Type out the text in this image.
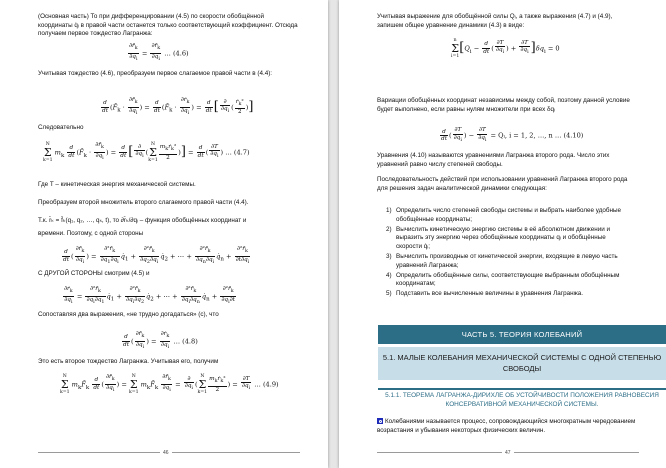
(Основная часть) То при дифференцировании (4.5) по скорости обобщённой координаты q̇ᵢ в правой части останется только соответствующий коэффициент. Отсюда получаем первое тождество Лагранжа:
$\frac{\partial r̄_k}{\partial q̇_i} = \frac{\partial r̄_k}{\partial q_i}$ … (4.6)
Учитывая тождество (4.6), преобразуем первое слагаемое правой части в (4.4):
$\frac{d}{dt}$ ($F̄_k \cdot \frac{\partial r̄_k}{\partial q_i}$ ) = $\frac{d}{dt}$ ($F̄_k \cdot \frac{\partial ṙ_k}{\partial q̇_i}$ ) = $\frac{d}{dt}$ [ $\frac{\partial}{\partial q̇_i}$ ( $\frac{ṙ_k^2}{2}$ )]
Следовательно
N
Σ
k=1
$m_k \frac{d}{dt}$ ($F̄_k \cdot \frac{\partial r̄_k}{\partial q_i}$ ) = $\frac{d}{dt}$ [ $\frac{\partial}{\partial q̇_i}$ (
N
Σ
$k=1 \frac{m_kṙ_k^2}{2}$ )] = $\frac{d}{dt}$ ( $\frac{\partial T}{\partial q̇_i}$ ) … (4.7)
Где T – кинетическая энергия механической системы.
Преобразуем второй множитель второго слагаемого правой части (4.4).
Т.к. r̄ₖ = f̄ₖ(q₁, q₂, …, qₛ, t), то ∂r̄ₖ/∂qᵢ – функция обобщённых координат и
времени. Поэтому, с одной стороны
$\frac{d}{dt}$ ( $\frac{\partial r̄_k}{\partial q_i}$ ) = $\frac{\partial^2r̄_k}{\partial q_1\partial q_i}$ $q̇_1 + \frac{\partial^2r̄_k}{\partial q_2\partial q_i}$ $q̇_2$ + ⋯ + $\frac{\partial^2r̄_k}{\partial q_n\partial q_i}$ $q̇_n + \frac{\partial^2r̄_k}{\partial t\partial q_i}$
С ДРУГОЙ СТОРОНЫ смотрим (4.5) и
$\frac{\partial ṙ_k}{\partial q_i} = \frac{\partial^2r̄_k}{\partial q_i\partial q_1}$ $q̇_1 + \frac{\partial^2r̄_k}{\partial q_i\partial q_2}$ $q̇_2$ + ⋯ + $\frac{\partial^2r̄_k}{\partial q_i\partial q_n}$ $q̇_n + \frac{\partial^2r̄_k}{\partial q_i\partial t}$
Сопоставляя два выражения, «не трудно догадаться» (с), что
$\frac{d}{dt}$ ( $\frac{\partial r̄_k}{\partial q_i}$ ) = $\frac{\partial ṙ_k}{\partial q_i}$ … (4.8)
Это есть второе тождество Лагранжа. Учитывая его, получим
N
Σ
k=1
$m_kF̄_k \frac{d}{dt}$ ( $\frac{\partial r̄_k}{\partial q_i}$ ) =
N
Σ
k=1
$m_kF̄_k \frac{\partial r̄_k}{\partial q_i} = \frac{\partial}{\partial q_i}$ (
N
Σ
$k=1 \frac{m_kṙ_k^2}{2}$ ) = $\frac{\partial T}{\partial q_i}$ … (4.9)
46
Учитывая выражение для обобщённой силы Qᵢ, а также выражения (4.7) и (4.9), запишем общее уравнение динамики (4.3) в виде:
n
Σ
i=1
[$Q_i - \frac{d}{dt}$ ( $\frac{\partial T}{\partial q̇_i}$ ) + $\frac{\partial T}{\partial q_i} ]\delta q_i = 0$
Вариации обобщённых координат независимы между собой, поэтому данной условие будет выполнено, если равны нулям множители при всех δqᵢ
$\frac{d}{dt}$ ( $\frac{\partial T}{\partial q̇_i}$ ) − $\frac{\partial T}{\partial q_i}$ = Qᵢ, i = 1, 2, …, n … (4.10)
Уравнения (4.10) называются уравнениями Лагранжа второго рода. Число этих уравнений равно числу степеней свободы.
Последовательность действий при использовании уравнений Лагранжа второго рода для решения задач аналитической динамики следующая:
1) Определить число степеней свободы системы и выбрать наиболее удобные обобщённые координаты;
2) Вычислить кинетическую энергию системы в её абсолютном движении и выразить эту энергию через обобщённые координаты qᵢ и обобщённые скорости q̇ᵢ;
3) Вычислить производные от кинетической энергии, входящие в левую часть уравнений Лагранжа;
4) Определить обобщённые силы, соответствующие выбранным обобщённым координатам;
5) Подставить все вычисленные величины в уравнения Лагранжа.
47
ЧАСТЬ 5. ТЕОРИЯ КОЛЕБАНИЙ
5.1. МАЛЫЕ КОЛЕБАНИЯ МЕХАНИЧЕСКОЙ СИСТЕМЫ С ОДНОЙ СТЕПЕНЬЮ СВОБОДЫ
5.1.1. ТЕОРЕМА ЛАГРАНЖА-ДИРИХЛЕ ОБ УСТОЙЧИВОСТИ ПОЛОЖЕНИЯ РАВНОВЕСИЯ КОНСЕРВАТИВНОЙ МЕХАНИЧЕСКОЙ СИСТЕМЫ.
Колебаниями называется процесс, сопровождающийся многократным чередованием возрастания и убывания некоторых физических величин.
